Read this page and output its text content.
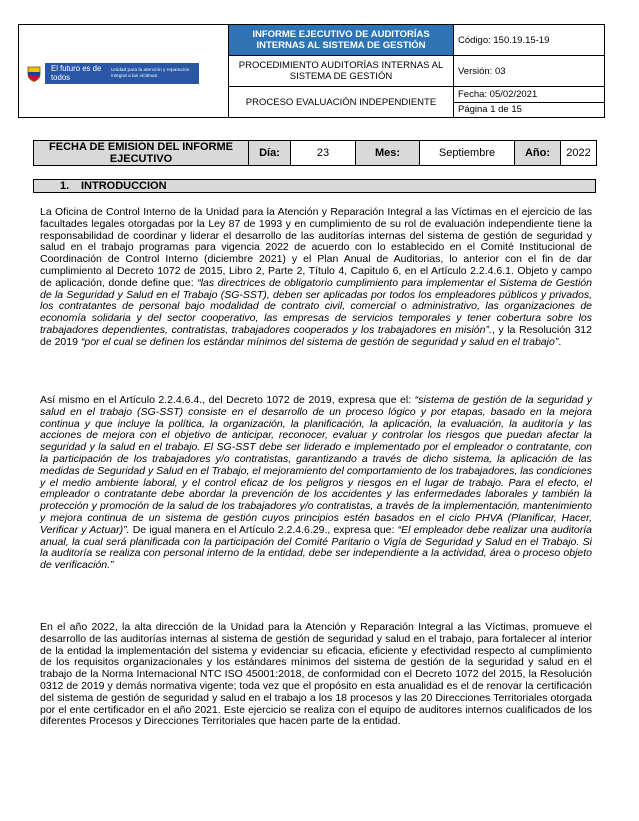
El futuro es de todos
Unidad para la atención y reparación integral a las víctimas	INFORME EJECUTIVO DE AUDITORÍAS INTERNAS AL SISTEMA DE GESTIÓN	Código: 150.19.15-19
	PROCEDIMIENTO AUDITORÍAS INTERNAS AL SISTEMA DE GESTIÓN	Versión: 03
	PROCESO EVALUACIÓN INDEPENDIENTE	Fecha: 05/02/2021
Página 1 de 15
FECHA DE EMISIÓN DEL INFORME EJECUTIVO	Día:	23	Mes:	Septiembre	Año:	2022
1. INTRODUCCION

La Oficina de Control Interno de la Unidad para la Atención y Reparación Integral a las Víctimas en el ejercicio de las facultades legales otorgadas por la Ley 87 de 1993 y en cumplimiento de su rol de evaluación independiente tiene la responsabilidad de coordinar y liderar el desarrollo de las auditorías internas del sistema de gestión de seguridad y salud en el trabajo programas para vigencia 2022 de acuerdo con lo establecido en el Comité Institucional de Coordinación de Control Interno (diciembre 2021) y el Plan Anual de Auditorias, lo anterior con el fin de dar cumplimiento al Decreto 1072 de 2015, Libro 2, Parte 2, Título 4, Capitulo 6, en el Artículo 2.2.4.6.1. Objeto y campo de aplicación, donde define que: “las directrices de obligatorio cumplimiento para implementar el Sistema de Gestión de la Seguridad y Salud en el Trabajo (SG-SST), deben ser aplicadas por todos los empleadores públicos y privados, los contratantes de personal bajo modalidad de contrato civil, comercial o administrativo, las organizaciones de economía solidaria y del sector cooperativo, las empresas de servicios temporales y tener cobertura sobre los trabajadores dependientes, contratistas, trabajadores cooperados y los trabajadores en misión”., y la Resolución 312 de 2019 “por el cual se definen los estándar mínimos del sistema de gestión de seguridad y salud en el trabajo”.

Así mismo en el Artículo 2.2.4.6.4., del Decreto 1072 de 2019, expresa que el: “sistema de gestión de la seguridad y salud en el trabajo (SG-SST) consiste en el desarrollo de un proceso lógico y por etapas, basado en la mejora continua y que incluye la política, la organización, la planificación, la aplicación, la evaluación, la auditoría y las acciones de mejora con el objetivo de anticipar, reconocer, evaluar y controlar los riesgos que puedan afectar la seguridad y la salud en el trabajo. El SG-SST debe ser liderado e implementado por el empleador o contratante, con la participación de los trabajadores y/o contratistas, garantizando a través de dicho sistema, la aplicación de las medidas de Seguridad y Salud en el Trabajo, el mejoramiento del comportamiento de los trabajadores, las condiciones y el medio ambiente laboral, y el control eficaz de los peligros y riesgos en el lugar de trabajo. Para el efecto, el empleador o contratante debe abordar la prevención de los accidentes y las enfermedades laborales y también la protección y promoción de la salud de los trabajadores y/o contratistas, a través de la implementación, mantenimiento y mejora continua de un sistema de gestión cuyos principios estén basados en el ciclo PHVA (Planificar, Hacer, Verificar y Actuar)”. De igual manera en el Artículo 2.2.4.6.29., expresa que: “El empleador debe realizar una auditoría anual, la cual será planificada con la participación del Comité Paritario o Vigía de Seguridad y Salud en el Trabajo. Si la auditoría se realiza con personal interno de la entidad, debe ser independiente a la actividad, área o proceso objeto de verificación.”

En el año 2022, la alta dirección de la Unidad para la Atención y Reparación Integral a las Víctimas, promueve el desarrollo de las auditorías internas al sistema de gestión de seguridad y salud en el trabajo, para fortalecer al interior de la entidad la implementación del sistema y evidenciar su eficacia, eficiente y efectividad respecto al cumplimiento de los requisitos organizacionales y los estándares mínimos del sistema de gestión de la seguridad y salud en el trabajo de la Norma Internacional NTC ISO 45001:2018, de conformidad con el Decreto 1072 del 2015, la Resolución 0312 de 2019 y demás normativa vigente; toda vez que el propósito en esta anualidad es el de renovar la certificación del sistema de gestión de seguridad y salud en el trabajo a los 18 procesos y las 20 Direcciones Territoriales otorgada por el ente certificador en el año 2021. Este ejercicio se realiza con el equipo de auditores internos cualificados de los diferentes Procesos y Direcciones Territoriales que hacen parte de la entidad.
